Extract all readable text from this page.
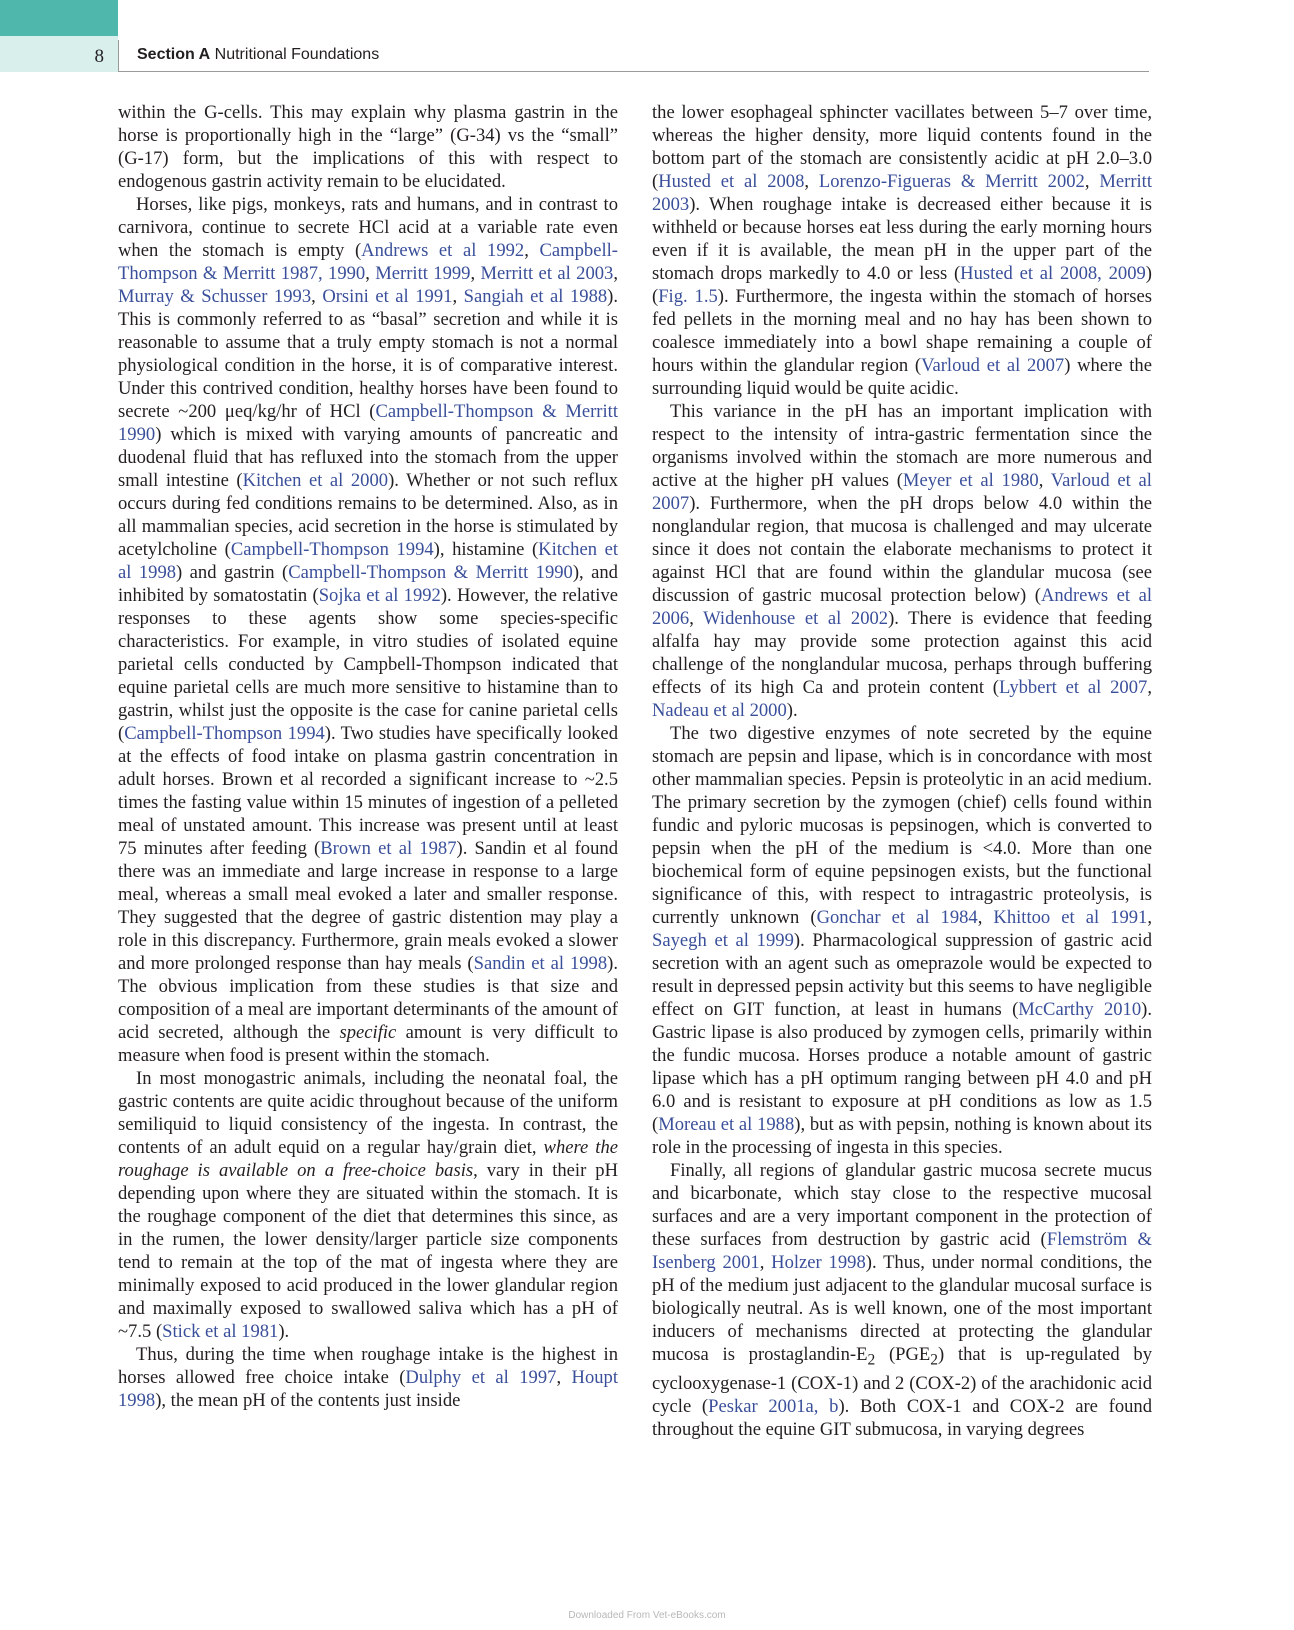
8 Section A Nutritional Foundations

within the G-cells. This may explain why plasma gastrin in the horse is proportionally high in the “large” (G-34) vs the “small” (G-17) form, but the implications of this with respect to endogenous gastrin activity remain to be elucidated.

Horses, like pigs, monkeys, rats and humans, and in contrast to carnivora, continue to secrete HCl acid at a variable rate even when the stomach is empty (Andrews et al 1992, Campbell-Thompson & Merritt 1987, 1990, Merritt 1999, Merritt et al 2003, Murray & Schusser 1993, Orsini et al 1991, Sangiah et al 1988). This is commonly referred to as “basal” secretion and while it is reasonable to assume that a truly empty stomach is not a normal physiological condition in the horse, it is of comparative interest. Under this contrived condition, healthy horses have been found to secrete ~200 μeq/kg/hr of HCl (Campbell-Thompson & Merritt 1990) which is mixed with varying amounts of pancreatic and duodenal fluid that has refluxed into the stomach from the upper small intestine (Kitchen et al 2000). Whether or not such reflux occurs during fed conditions remains to be determined. Also, as in all mammalian species, acid secretion in the horse is stimulated by acetylcholine (Campbell-Thompson 1994), histamine (Kitchen et al 1998) and gastrin (Campbell-Thompson & Merritt 1990), and inhibited by somatostatin (Sojka et al 1992). However, the relative responses to these agents show some species-specific characteristics. For example, in vitro studies of isolated equine parietal cells conducted by Campbell-Thompson indicated that equine parietal cells are much more sensitive to histamine than to gastrin, whilst just the opposite is the case for canine parietal cells (Campbell-Thompson 1994). Two studies have specifically looked at the effects of food intake on plasma gastrin concentration in adult horses. Brown et al recorded a significant increase to ~2.5 times the fasting value within 15 minutes of ingestion of a pelleted meal of unstated amount. This increase was present until at least 75 minutes after feeding (Brown et al 1987). Sandin et al found there was an immediate and large increase in response to a large meal, whereas a small meal evoked a later and smaller response. They suggested that the degree of gastric distention may play a role in this discrepancy. Furthermore, grain meals evoked a slower and more prolonged response than hay meals (Sandin et al 1998). The obvious implication from these studies is that size and composition of a meal are important determinants of the amount of acid secreted, although the specific amount is very difficult to measure when food is present within the stomach.

In most monogastric animals, including the neonatal foal, the gastric contents are quite acidic throughout because of the uniform semiliquid to liquid consistency of the ingesta. In contrast, the contents of an adult equid on a regular hay/grain diet, where the roughage is available on a free-choice basis, vary in their pH depending upon where they are situated within the stomach. It is the roughage component of the diet that determines this since, as in the rumen, the lower density/larger particle size components tend to remain at the top of the mat of ingesta where they are minimally exposed to acid produced in the lower glandular region and maximally exposed to swallowed saliva which has a pH of ~7.5 (Stick et al 1981).

Thus, during the time when roughage intake is the highest in horses allowed free choice intake (Dulphy et al 1997, Houpt 1998), the mean pH of the contents just inside

the lower esophageal sphincter vacillates between 5–7 over time, whereas the higher density, more liquid contents found in the bottom part of the stomach are consistently acidic at pH 2.0–3.0 (Husted et al 2008, Lorenzo-Figueras & Merritt 2002, Merritt 2003). When roughage intake is decreased either because it is withheld or because horses eat less during the early morning hours even if it is available, the mean pH in the upper part of the stomach drops markedly to 4.0 or less (Husted et al 2008, 2009) (Fig. 1.5). Furthermore, the ingesta within the stomach of horses fed pellets in the morning meal and no hay has been shown to coalesce immediately into a bowl shape remaining a couple of hours within the glandular region (Varloud et al 2007) where the surrounding liquid would be quite acidic.

This variance in the pH has an important implication with respect to the intensity of intra-gastric fermentation since the organisms involved within the stomach are more numerous and active at the higher pH values (Meyer et al 1980, Varloud et al 2007). Furthermore, when the pH drops below 4.0 within the nonglandular region, that mucosa is challenged and may ulcerate since it does not contain the elaborate mechanisms to protect it against HCl that are found within the glandular mucosa (see discussion of gastric mucosal protection below) (Andrews et al 2006, Widenhouse et al 2002). There is evidence that feeding alfalfa hay may provide some protection against this acid challenge of the nonglandular mucosa, perhaps through buffering effects of its high Ca and protein content (Lybbert et al 2007, Nadeau et al 2000).

The two digestive enzymes of note secreted by the equine stomach are pepsin and lipase, which is in concordance with most other mammalian species. Pepsin is proteolytic in an acid medium. The primary secretion by the zymogen (chief) cells found within fundic and pyloric mucosas is pepsinogen, which is converted to pepsin when the pH of the medium is <4.0. More than one biochemical form of equine pepsinogen exists, but the functional significance of this, with respect to intragastric proteolysis, is currently unknown (Gonchar et al 1984, Khittoo et al 1991, Sayegh et al 1999). Pharmacological suppression of gastric acid secretion with an agent such as omeprazole would be expected to result in depressed pepsin activity but this seems to have negligible effect on GIT function, at least in humans (McCarthy 2010). Gastric lipase is also produced by zymogen cells, primarily within the fundic mucosa. Horses produce a notable amount of gastric lipase which has a pH optimum ranging between pH 4.0 and pH 6.0 and is resistant to exposure at pH conditions as low as 1.5 (Moreau et al 1988), but as with pepsin, nothing is known about its role in the processing of ingesta in this species.

Finally, all regions of glandular gastric mucosa secrete mucus and bicarbonate, which stay close to the respective mucosal surfaces and are a very important component in the protection of these surfaces from destruction by gastric acid (Flemström & Isenberg 2001, Holzer 1998). Thus, under normal conditions, the pH of the medium just adjacent to the glandular mucosal surface is biologically neutral. As is well known, one of the most important inducers of mechanisms directed at protecting the glandular mucosa is prostaglandin-$E_2$ $(PGE_2)$ that is up-regulated by cyclooxygenase-1 (COX-1) and 2 (COX-2) of the arachidonic acid cycle (Peskar 2001a, b). Both COX-1 and COX-2 are found throughout the equine GIT submucosa, in varying degrees

Downloaded From Vet-eBooks.com
